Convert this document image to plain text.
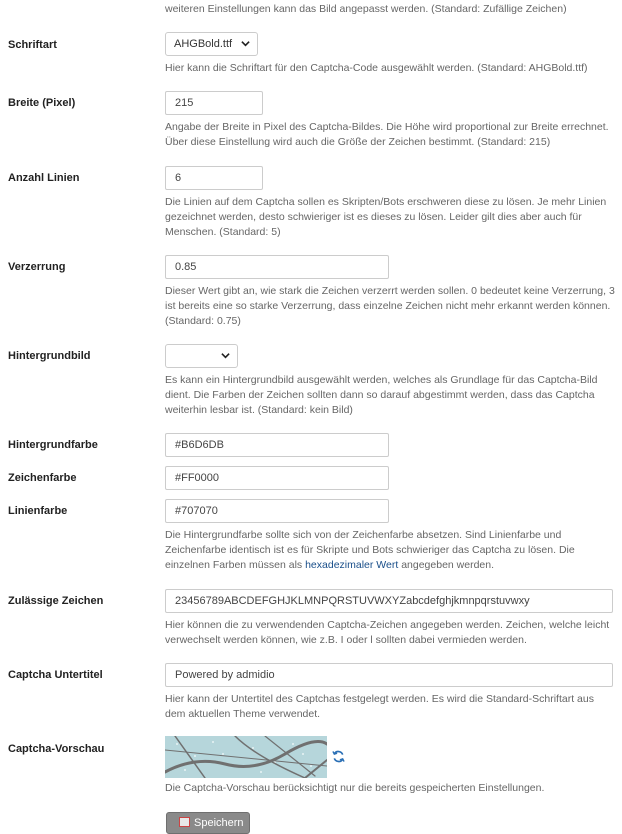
weiteren Einstellungen kann das Bild angepasst werden. (Standard: Zufällige Zeichen)
Schriftart	AHGBold.ttf
Hier kann die Schriftart für den Captcha-Code ausgewählt werden. (Standard: AHGBold.ttf)
Breite (Pixel)	215
Angabe der Breite in Pixel des Captcha-Bildes. Die Höhe wird proportional zur Breite errechnet. Über diese Einstellung wird auch die Größe der Zeichen bestimmt. (Standard: 215)
Anzahl Linien	6
Die Linien auf dem Captcha sollen es Skripten/Bots erschweren diese zu lösen. Je mehr Linien gezeichnet werden, desto schwieriger ist es dieses zu lösen. Leider gilt dies aber auch für Menschen. (Standard: 5)
Verzerrung	0.85
Dieser Wert gibt an, wie stark die Zeichen verzerrt werden sollen. 0 bedeutet keine Verzerrung, 3 ist bereits eine so starke Verzerrung, dass einzelne Zeichen nicht mehr erkannt werden können. (Standard: 0.75)
Hintergrundbild
Es kann ein Hintergrundbild ausgewählt werden, welches als Grundlage für das Captcha-Bild dient. Die Farben der Zeichen sollten dann so darauf abgestimmt werden, dass das Captcha weiterhin lesbar ist. (Standard: kein Bild)
Hintergrundfarbe	#B6D6DB
Zeichenfarbe	#FF0000
Linienfarbe	#707070
Die Hintergrundfarbe sollte sich von der Zeichenfarbe absetzen. Sind Linienfarbe und Zeichenfarbe identisch ist es für Skripte und Bots schwieriger das Captcha zu lösen. Die einzelnen Farben müssen als hexadezimaler Wert angegeben werden.
Zulässige Zeichen	23456789ABCDEFGHJKLMNPQRSTUVWXYZabcdefghjkmnpqrstuvwxy
Hier können die zu verwendenden Captcha-Zeichen angegeben werden. Zeichen, welche leicht verwechselt werden können, wie z.B. I oder l sollten dabei vermieden werden.
Captcha Untertitel	Powered by admidio
Hier kann der Untertitel des Captchas festgelegt werden. Es wird die Standard-Schriftart aus dem aktuellen Theme verwendet.
Captcha-Vorschau
Die Captcha-Vorschau berücksichtigt nur die bereits gespeicherten Einstellungen.
Speichern
